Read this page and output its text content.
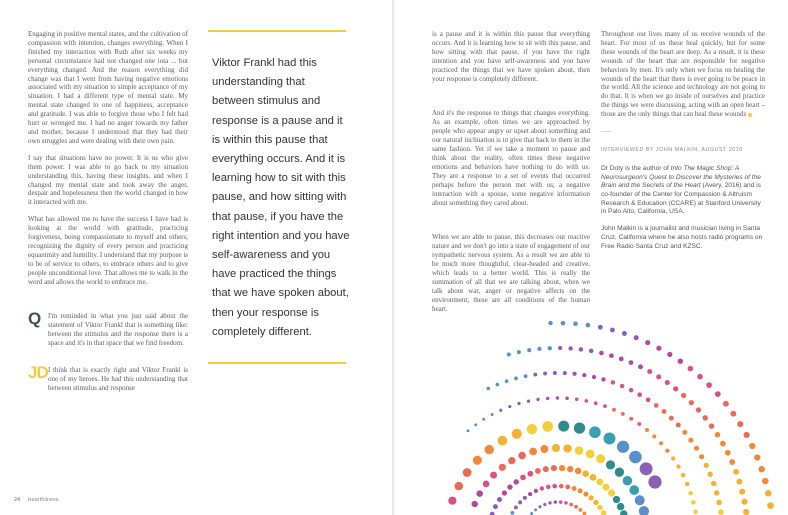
Engaging in positive mental states, and the cultivation of compassion with intention, changes everything. When I finished my interaction with Ruth after six weeks my personal circumstance had not changed one iota ... but everything changed. And the reason everything did change was that I went from having negative emotions associated with my situation to simple acceptance of my situation. I had a different type of mental state. My mental state changed to one of happiness, acceptance and gratitude. I was able to forgive those who I felt had hurt or wronged me. I had no anger towards my father and mother, because I understood that they had their own struggles and were dealing with their own pain.

I say that situations have no power. It is us who give them power. I was able to go back to my situation understanding this, having these insights, and when I changed my mental state and took away the anger, despair and hopelessness then the world changed in how it interacted with me.

What has allowed me to have the success I have had is looking at the world with gratitude, practicing forgiveness, being compassionate to myself and others, recognizing the dignity of every person and practicing equanimity and humility. I understand that my purpose is to be of service to others, to embrace others and to give people unconditional love. That allows me to walk in the word and allows the world to embrace me.

Q I'm reminded in what you just said about the statement of Viktor Frankl that is something like: between the stimulus and the response there is a space and it's in that space that we find freedom.

JD I think that is exactly right and Viktor Frankl is one of my heroes. He had this understanding that between stimulus and response

Viktor Frankl had this understanding that between stimulus and response is a pause and it is within this pause that everything occurs. And it is learning how to sit with this pause, and how sitting with that pause, if you have the right intention and you have self-awareness and you have practiced the things that we have spoken about, then your response is completely different.
24 Heartfulness

is a pause and it is within this pause that everything occurs. And it is learning how to sit with this pause, and how sitting with that pause, if you have the right intention and you have self-awareness and you have practiced the things that we have spoken about, then your response is completely different.

And it's the response to things that changes everything. As an example, often times we are approached by people who appear angry or upset about something and our natural inclination is to give that back to them in the same fashion. Yet if we take a moment to pause and think about the reality, often times these negative emotions and behaviors have nothing to do with us. They are a response to a set of events that occurred perhaps before the person met with us; a negative interaction with a spouse, some negative information about something they cared about.

When we are able to pause, this decreases our reactive nature and we don't go into a state of engagement of our sympathetic nervous system. As a result we are able to be much more thoughtful, clear-headed and creative, which leads to a better world. This is really the summation of all that we are talking about, when we talk about war, anger or negative affects on the environment; these are all conditions of the human heart.

Throughout our lives many of us receive wounds of the heart. For most of us these heal quickly, but for some these wounds of the heart are deep. As a result, it is these wounds of the heart that are responsible for negative behaviors by men. It's only when we focus on healing the wounds of the heart that there is ever going to be peace in the world. All the science and technology are not going to do that. It is when we go inside of ourselves and practice the things we were discussing, acting with an open heart – those are the only things that can heal these wounds

–––
INTERVIEWED BY JOHN MALKIN, AUGUST 2016

Dr Doty is the author of Into The Magic Shop: A Neurosurgeon's Quest to Discover the Mysteries of the Brain and the Secrets of the Heart (Avery, 2016) and is co-founder of the Center for Compassion & Altruism Research & Education (CCARE) at Stanford University in Palo Alto, California, USA.

John Malkin is a journalist and musician living in Santa Cruz, California where he also hosts radio programs on Free Radio Santa Cruz and KZSC.
